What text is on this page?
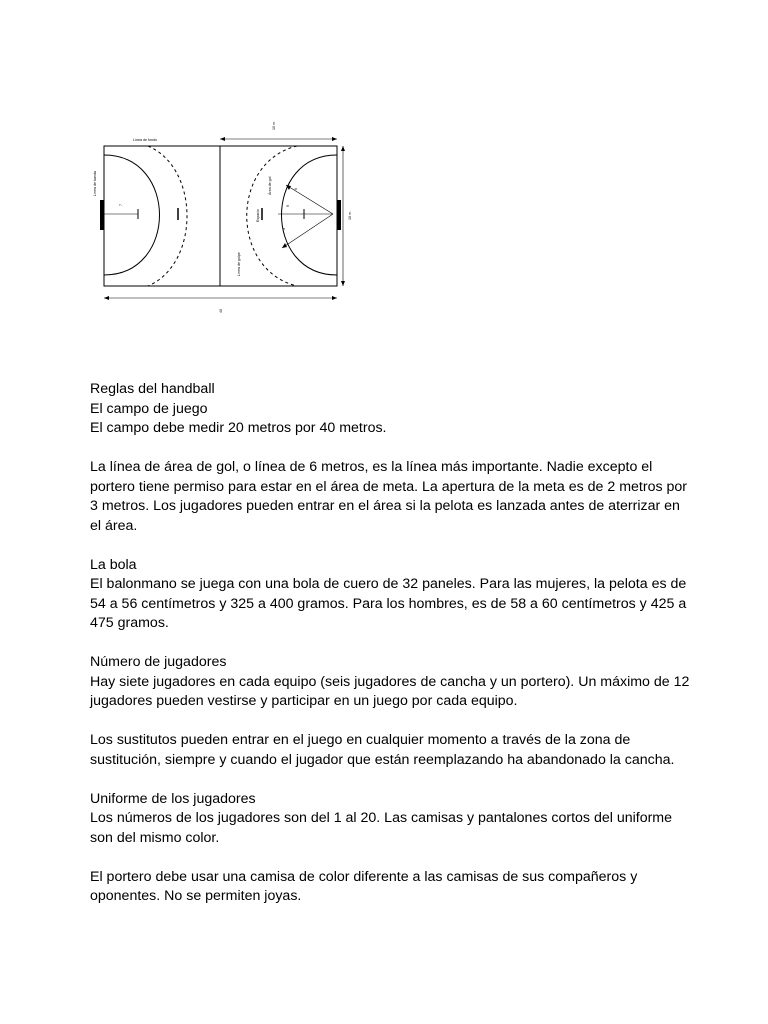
Línea de fondo
Línea de banda
10 m.
10 m.
40
Área de gol
Espacio
Línea de golpe
7
6
9
3

Reglas del handball

El campo de juego

El campo debe medir 20 metros por 40 metros.

La línea de área de gol, o línea de 6 metros, es la línea más importante. Nadie excepto el
portero tiene permiso para estar en el área de meta. La apertura de la meta es de 2 metros por
3 metros. Los jugadores pueden entrar en el área si la pelota es lanzada antes de aterrizar en
el área.

La bola

El balonmano se juega con una bola de cuero de 32 paneles. Para las mujeres, la pelota es de
54 a 56 centímetros y 325 a 400 gramos. Para los hombres, es de 58 a 60 centímetros y 425 a
475 gramos.

Número de jugadores

Hay siete jugadores en cada equipo (seis jugadores de cancha y un portero). Un máximo de 12
jugadores pueden vestirse y participar en un juego por cada equipo.

Los sustitutos pueden entrar en el juego en cualquier momento a través de la zona de
sustitución, siempre y cuando el jugador que están reemplazando ha abandonado la cancha.

Uniforme de los jugadores

Los números de los jugadores son del 1 al 20. Las camisas y pantalones cortos del uniforme
son del mismo color.

El portero debe usar una camisa de color diferente a las camisas de sus compañeros y
oponentes. No se permiten joyas.
